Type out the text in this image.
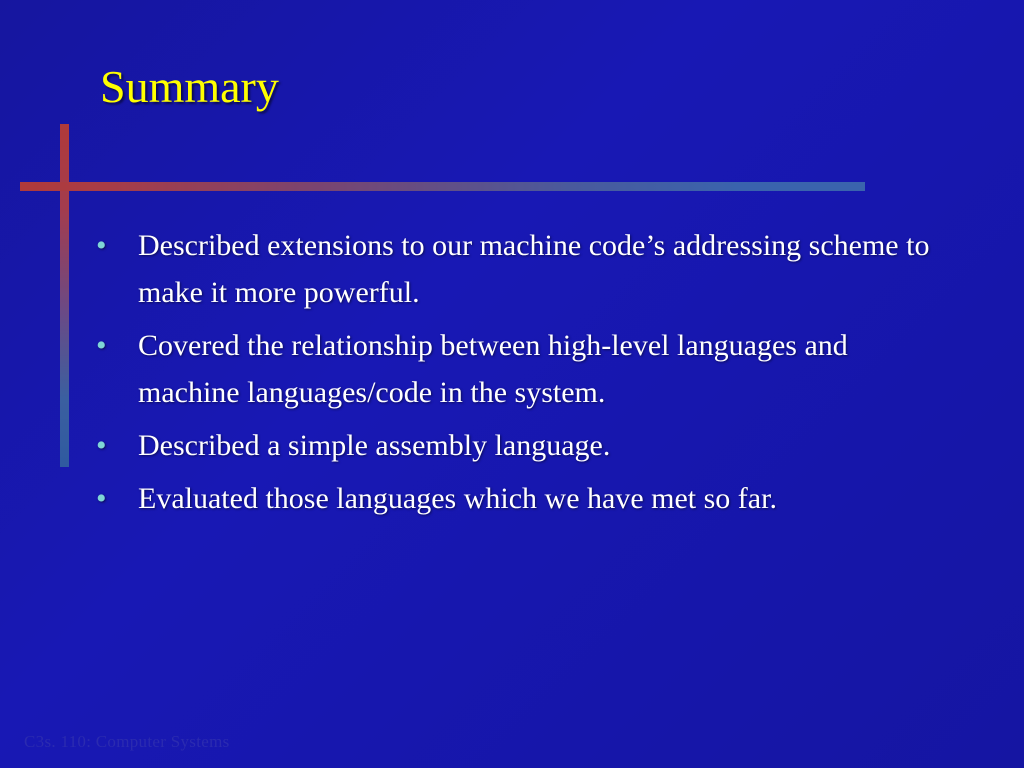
Summary
•	Described extensions to our machine code’s addressing scheme to make it more powerful.
•	Covered the relationship between high-level languages and machine languages/code in the system.
•	Described a simple assembly language.
•	Evaluated those languages which we have met so far.
C3s. 110: Computer Systems
